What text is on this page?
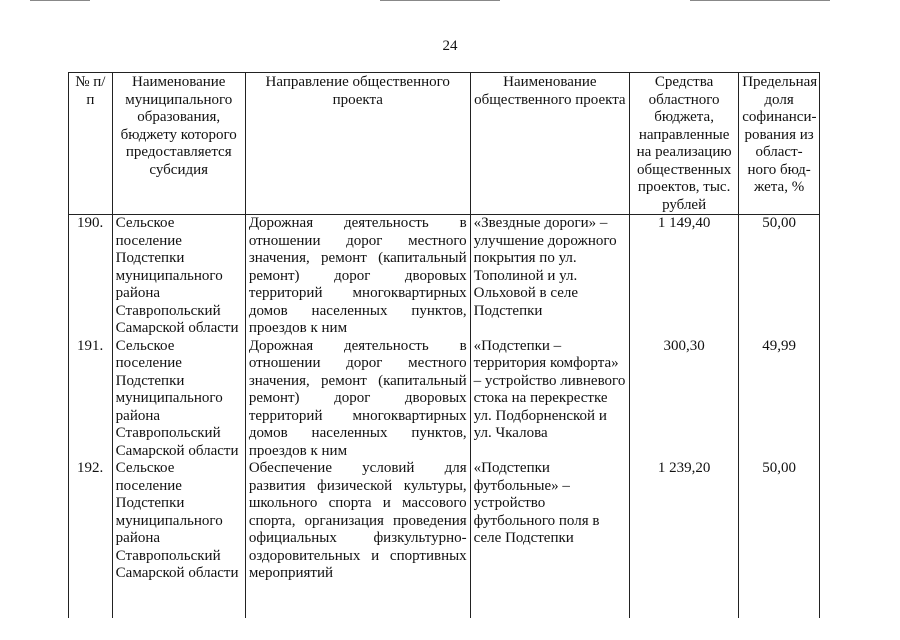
24
№ п/п	Наименование муниципального образования, бюджету которого предоставляется субсидия	Направление общественного проекта	Наименование общественного проекта	Средства областного бюджета, направленные на реализацию общественных проектов, тыс. рублей	Предельная доля софинанси-рования из област-ного бюд-жета, %
190.	Сельское поселение Подстепки муниципального района Ставропольский Самарской области	Дорожная деятельность в отношении дорог местного значения, ремонт (капитальный ремонт) дорог дворовых территорий многоквартирных домов населенных пунктов, проездов к ним	«Звездные дороги» – улучшение дорожного покрытия по ул. Тополиной и ул. Ольховой в селе Подстепки	1 149,40	50,00
191.	Сельское поселение Подстепки муниципального района Ставропольский Самарской области	Дорожная деятельность в отношении дорог местного значения, ремонт (капитальный ремонт) дорог дворовых территорий многоквартирных домов населенных пунктов, проездов к ним	«Подстепки – территория комфорта» – устройство ливневого стока на перекрестке ул. Подборненской и ул. Чкалова	300,30	49,99
192.	Сельское поселение Подстепки муниципального района Ставропольский Самарской области	Обеспечение условий для развития физической культуры, школьного спорта и массового спорта, организация проведения официальных физкультурно-оздоровительных и спортивных мероприятий	«Подстепки футбольные» – устройство футбольного поля в селе Подстепки	1 239,20	50,00
